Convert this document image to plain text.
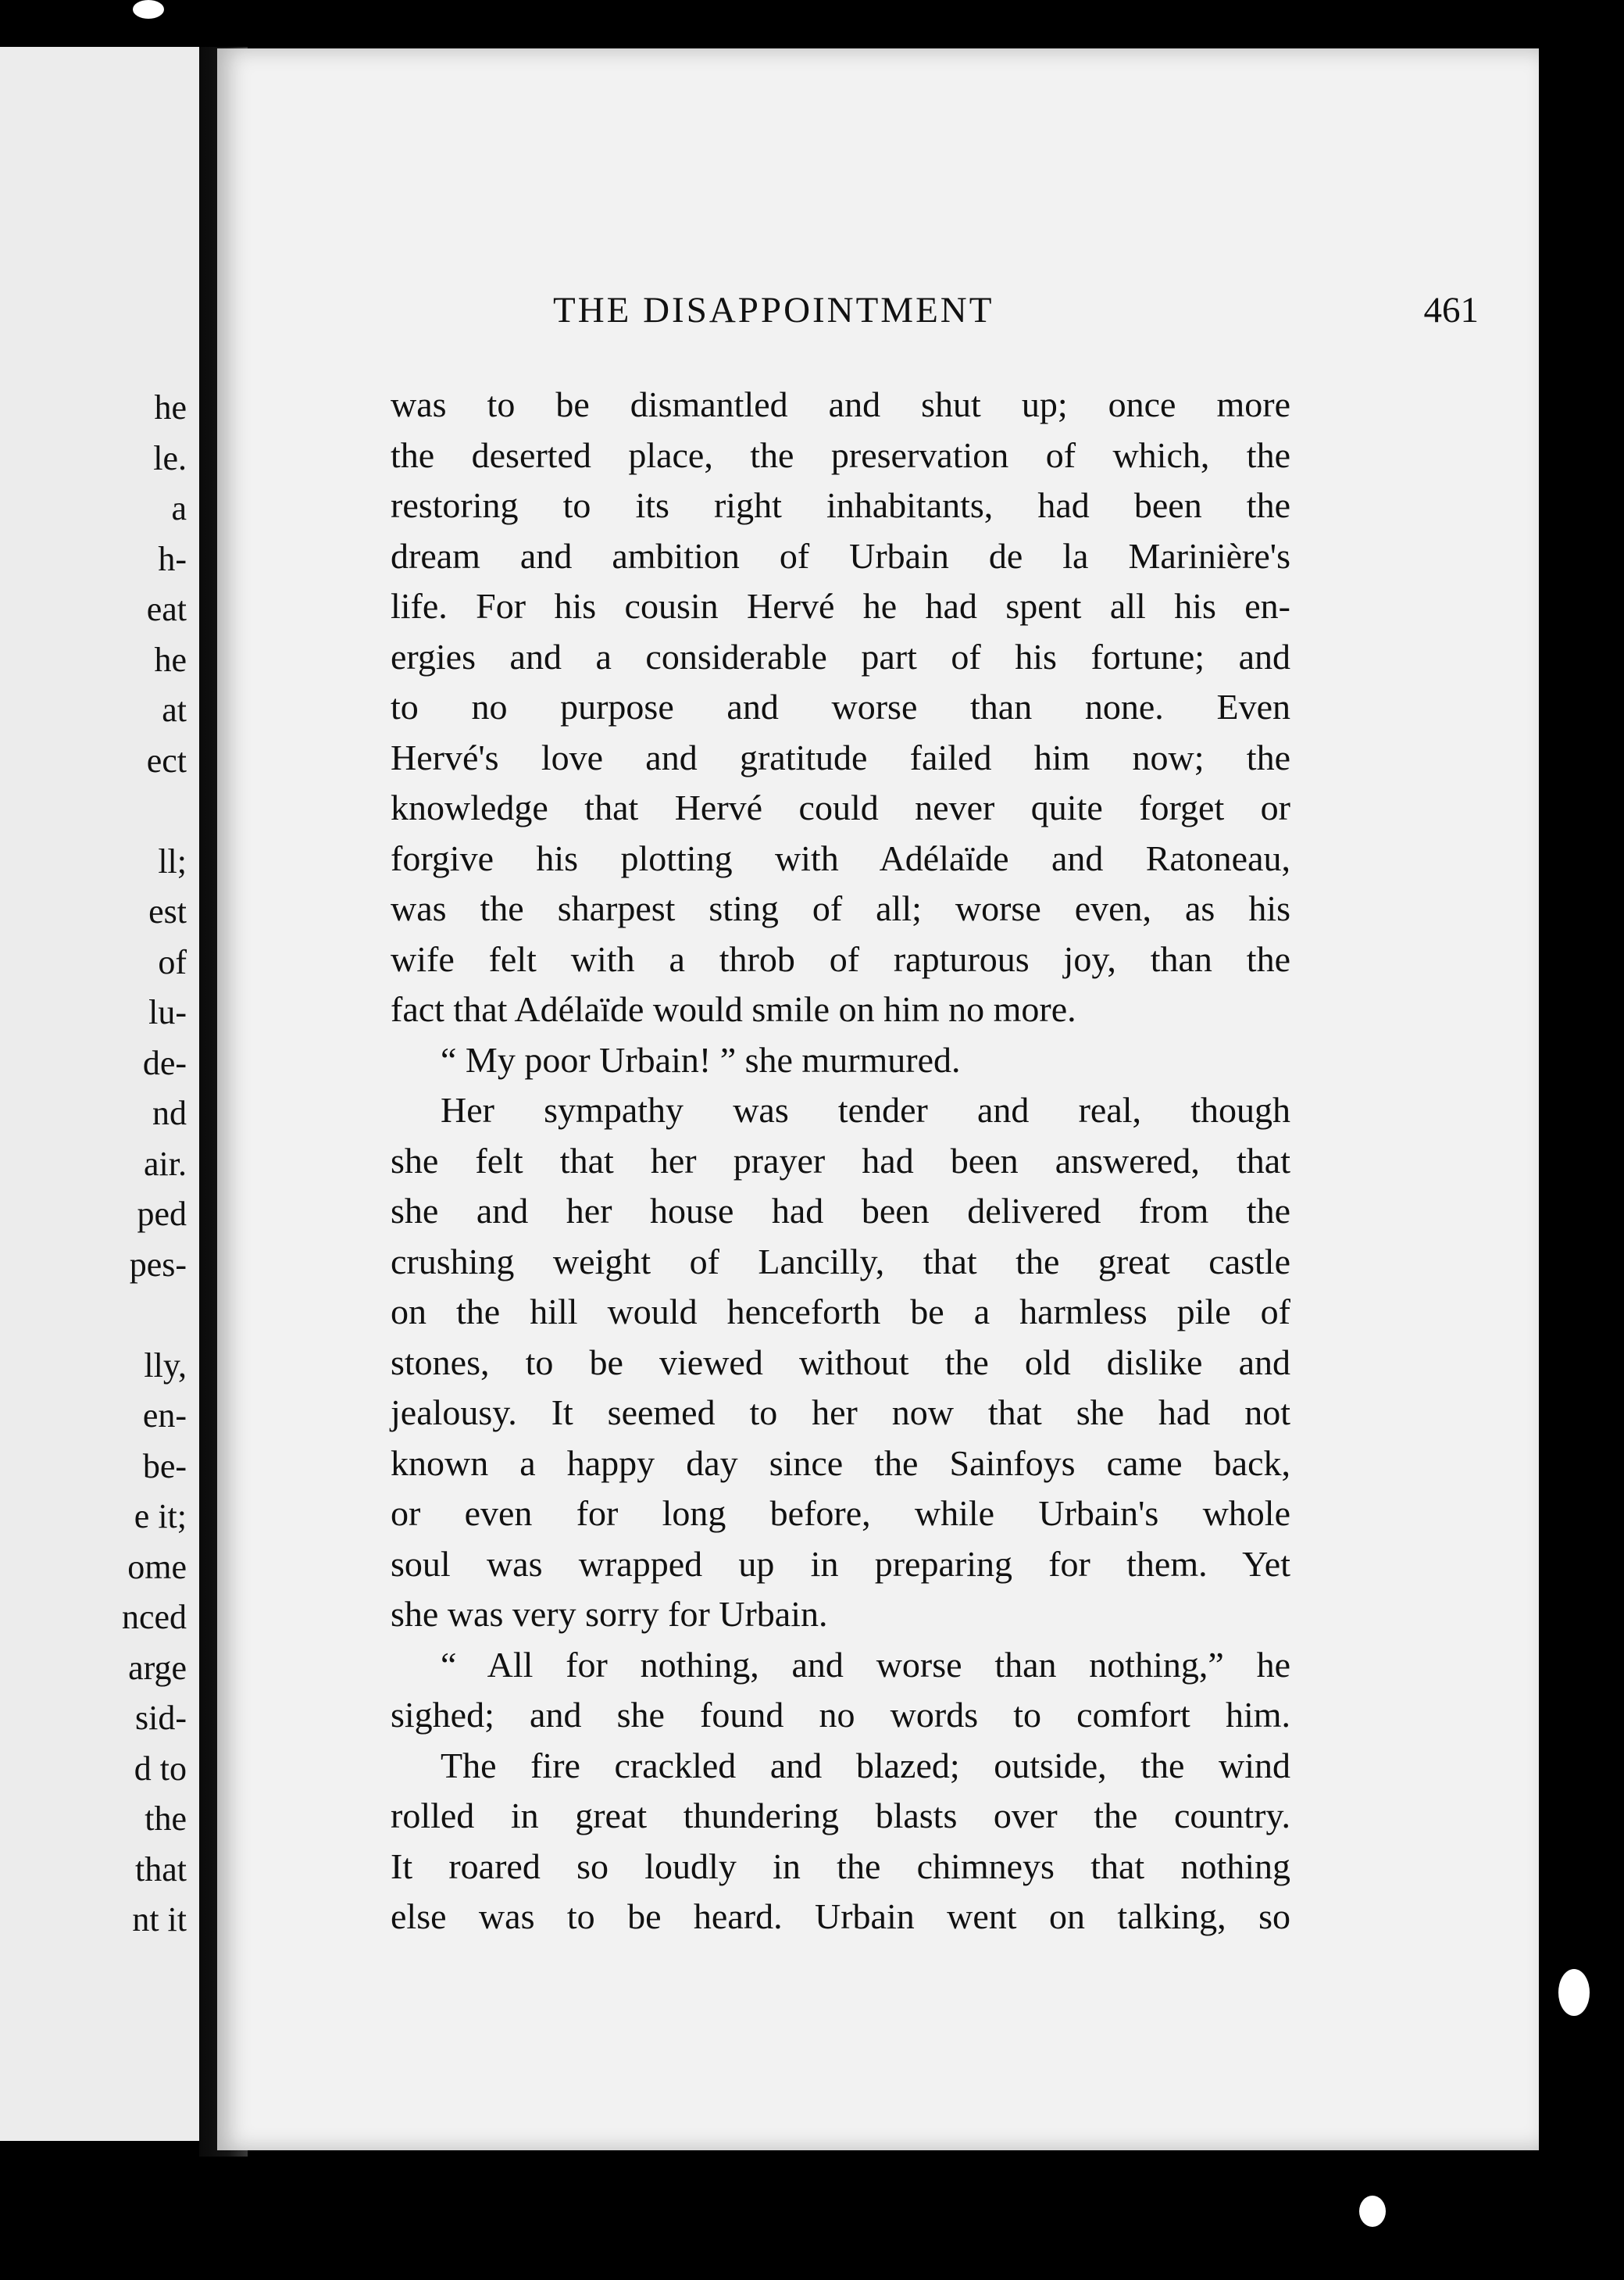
he
le.
a
h-
eat
he
at
ect

ll;
est
of
lu-
de-
nd
air.
ped
pes-

lly,
en-
be-
e it;
ome
nced
arge
sid-
d to
the
that
nt it
THE DISAPPOINTMENT	461
was to be dismantled and shut up; once more
the deserted place, the preservation of which, the
restoring to its right inhabitants, had been the
dream and ambition of Urbain de la Marinière's
life. For his cousin Hervé he had spent all his en-
ergies and a considerable part of his fortune; and
to no purpose and worse than none. Even
Hervé's love and gratitude failed him now; the
knowledge that Hervé could never quite forget or
forgive his plotting with Adélaïde and Ratoneau,
was the sharpest sting of all; worse even, as his
wife felt with a throb of rapturous joy, than the
fact that Adélaïde would smile on him no more.
“ My poor Urbain! ” she murmured.
Her sympathy was tender and real, though
she felt that her prayer had been answered, that
she and her house had been delivered from the
crushing weight of Lancilly, that the great castle
on the hill would henceforth be a harmless pile of
stones, to be viewed without the old dislike and
jealousy. It seemed to her now that she had not
known a happy day since the Sainfoys came back,
or even for long before, while Urbain's whole
soul was wrapped up in preparing for them. Yet
she was very sorry for Urbain.
“ All for nothing, and worse than nothing,” he
sighed; and she found no words to comfort him.
The fire crackled and blazed; outside, the wind
rolled in great thundering blasts over the country.
It roared so loudly in the chimneys that nothing
else was to be heard. Urbain went on talking, so
